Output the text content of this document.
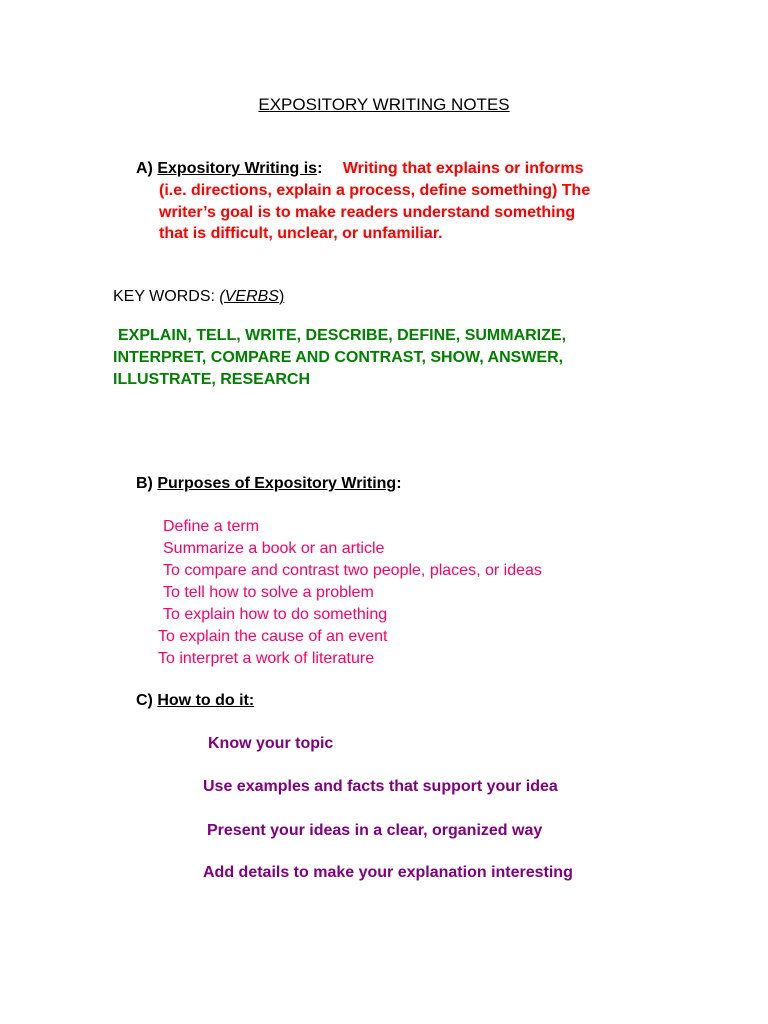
EXPOSITORY WRITING NOTES
A) Expository Writing is: Writing that explains or informs
(i.e. directions, explain a process, define something) The
writer’s goal is to make readers understand something
that is difficult, unclear, or unfamiliar.
KEY WORDS: (VERBS)
EXPLAIN, TELL, WRITE, DESCRIBE, DEFINE, SUMMARIZE,
INTERPRET, COMPARE AND CONTRAST, SHOW, ANSWER,
ILLUSTRATE, RESEARCH
B) Purposes of Expository Writing:
Define a term
Summarize a book or an article
To compare and contrast two people, places, or ideas
To tell how to solve a problem
To explain how to do something
To explain the cause of an event
To interpret a work of literature
C) How to do it:
Know your topic
Use examples and facts that support your idea
Present your ideas in a clear, organized way
Add details to make your explanation interesting
